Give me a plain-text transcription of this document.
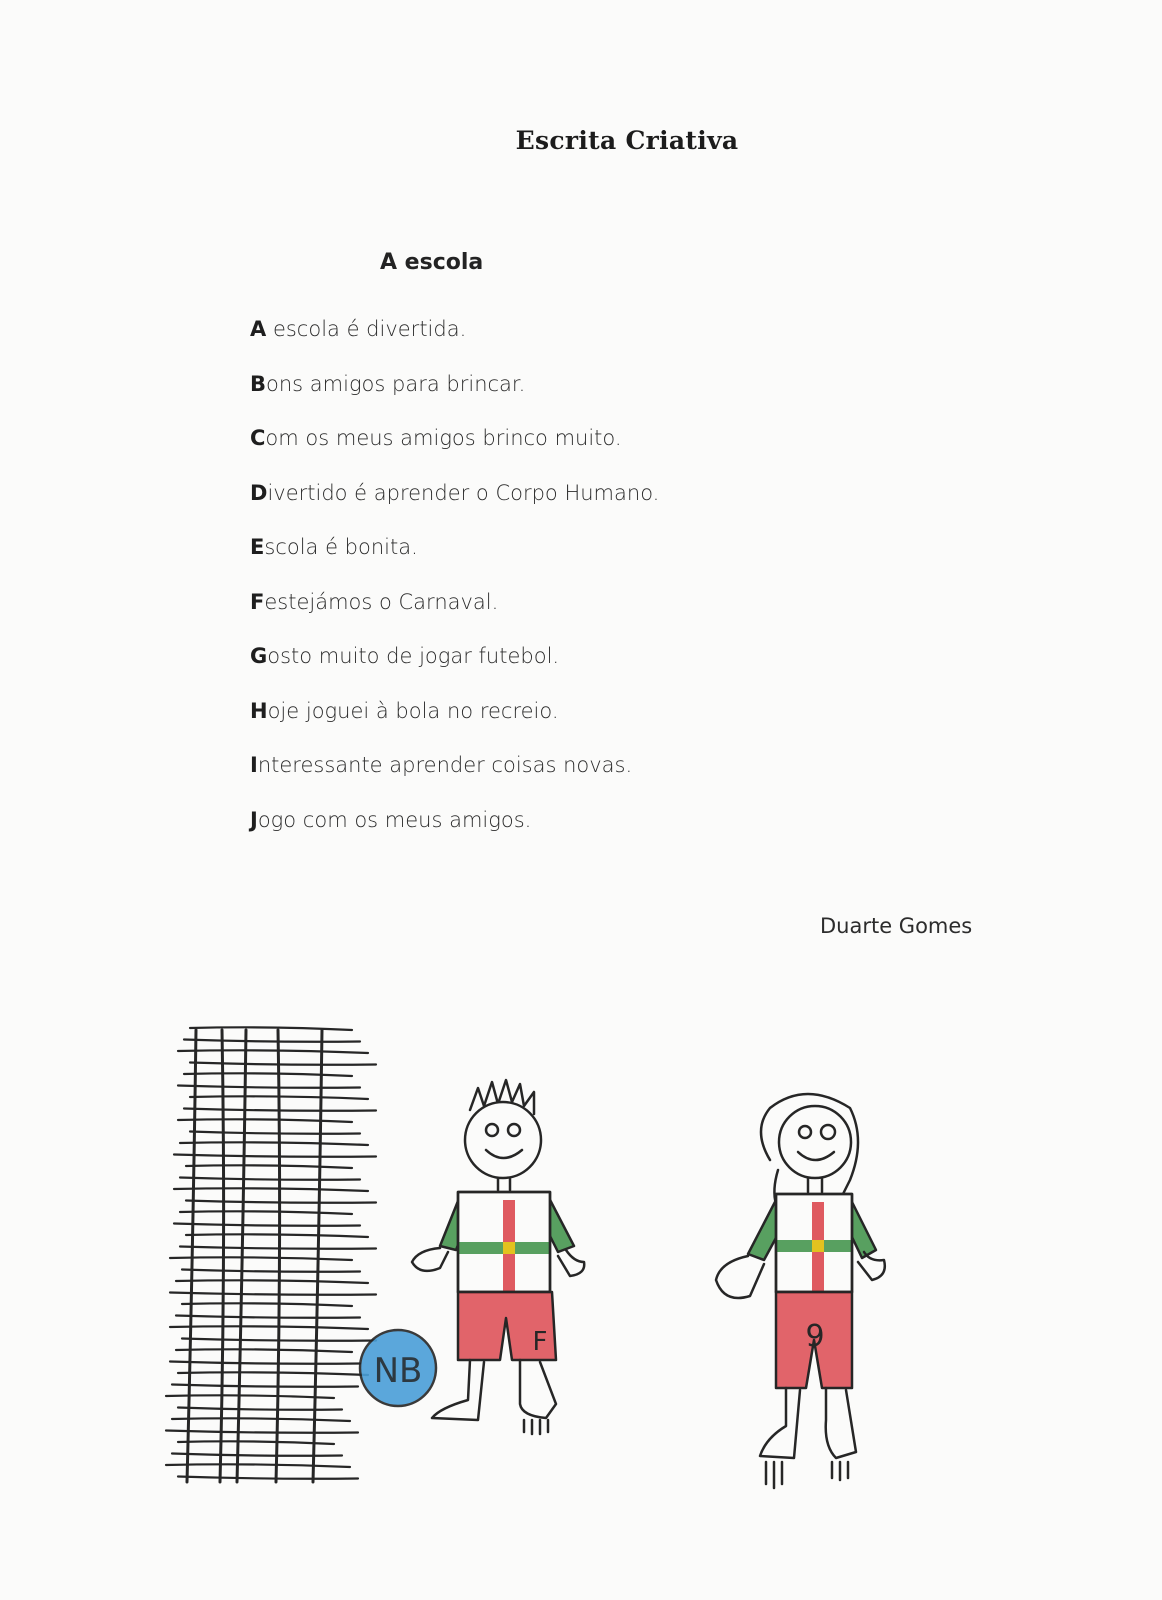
Escrita Criativa
A escola
A escola é divertida.
Bons amigos para brincar.
Com os meus amigos brinco muito.
Divertido é aprender o Corpo Humano.
Escola é bonita.
Festejámos o Carnaval.
Gosto muito de jogar futebol.
Hoje joguei à bola no recreio.
Interessante aprender coisas novas.
Jogo com os meus amigos.
Duarte Gomes
NB
F	9
